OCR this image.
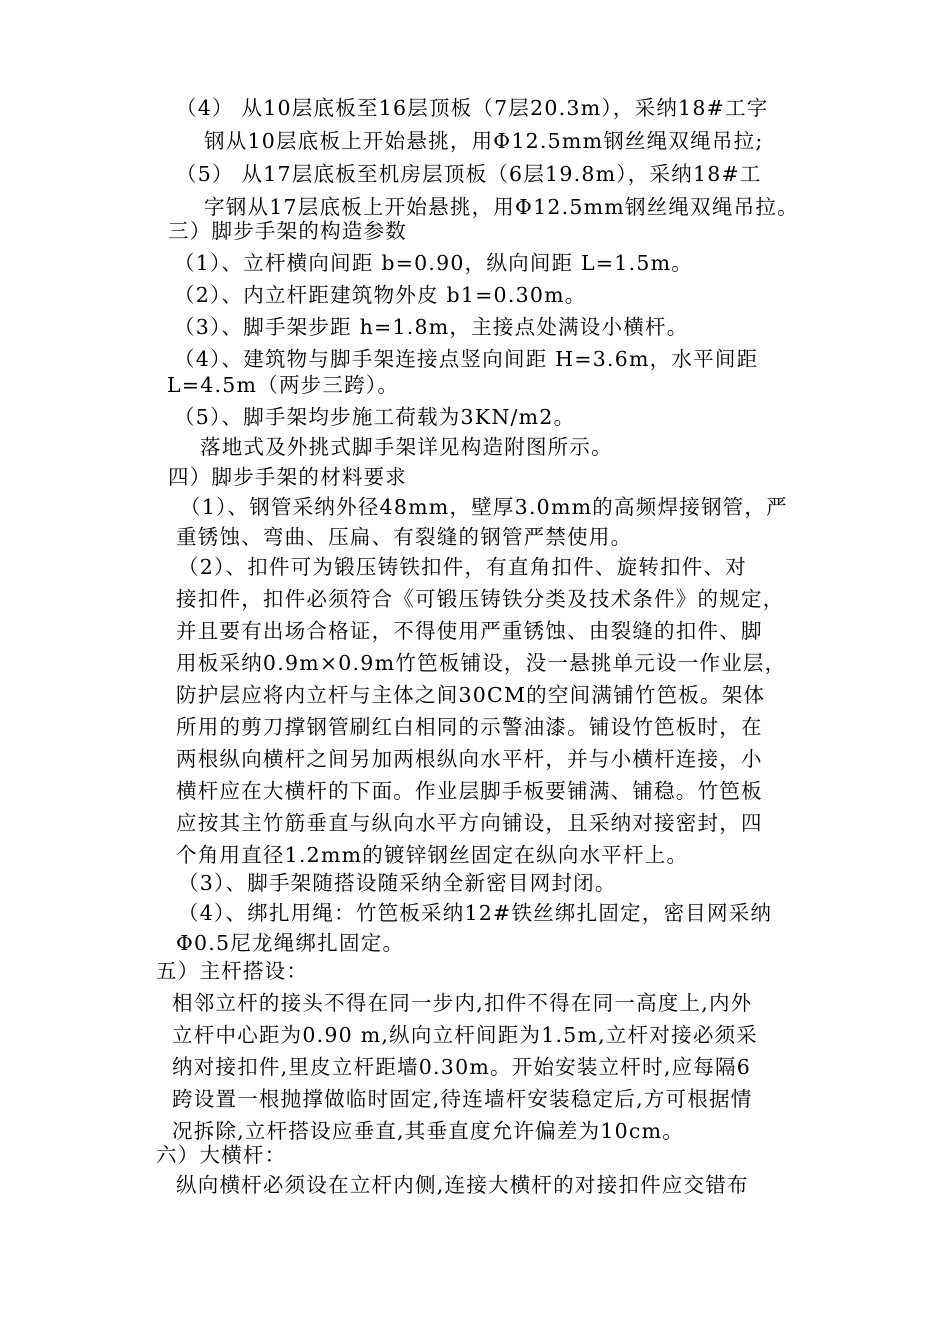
（4） 从10层底板至16层顶板（7层20.3m），采纳18#工字
钢从10层底板上开始悬挑，用Φ12.5mm钢丝绳双绳吊拉;
（5） 从17层底板至机房层顶板（6层19.8m），采纳18#工
字钢从17层底板上开始悬挑，用Φ12.5mm钢丝绳双绳吊拉。
三）脚步手架的构造参数
（1）、立杆横向间距 b=0.90，纵向间距 L=1.5m。
（2）、内立杆距建筑物外皮 b1=0.30m。
（3）、脚手架步距 h=1.8m，主接点处满设小横杆。
（4）、建筑物与脚手架连接点竖向间距 H=3.6m，水平间距
L=4.5m（两步三跨）。
（5）、脚手架均步施工荷载为3KN/m2。
落地式及外挑式脚手架详见构造附图所示。
四）脚步手架的材料要求
（1）、钢管采纳外径48mm，壁厚3.0mm的高频焊接钢管，严
重锈蚀、弯曲、压扁、有裂缝的钢管严禁使用。
（2）、扣件可为锻压铸铁扣件，有直角扣件、旋转扣件、对
接扣件，扣件必须符合《可锻压铸铁分类及技术条件》的规定，
并且要有出场合格证，不得使用严重锈蚀、由裂缝的扣件、脚
用板采纳0.9m×0.9m竹笆板铺设，没一悬挑单元设一作业层，
防护层应将内立杆与主体之间30CM的空间满铺竹笆板。架体
所用的剪刀撑钢管刷红白相同的示警油漆。铺设竹笆板时，在
两根纵向横杆之间另加两根纵向水平杆，并与小横杆连接，小
横杆应在大横杆的下面。作业层脚手板要铺满、铺稳。竹笆板
应按其主竹筋垂直与纵向水平方向铺设，且采纳对接密封，四
个角用直径1.2mm的镀锌钢丝固定在纵向水平杆上。
（3）、脚手架随搭设随采纳全新密目网封闭。
（4）、绑扎用绳：竹笆板采纳12#铁丝绑扎固定，密目网采纳
Φ0.5尼龙绳绑扎固定。
五）主杆搭设：
相邻立杆的接头不得在同一步内,扣件不得在同一高度上,内外
立杆中心距为0.90 m,纵向立杆间距为1.5m,立杆对接必须采
纳对接扣件,里皮立杆距墙0.30m。开始安装立杆时,应每隔6
跨设置一根抛撑做临时固定,待连墙杆安装稳定后,方可根据情
况拆除,立杆搭设应垂直,其垂直度允许偏差为10cm。
六）大横杆：
纵向横杆必须设在立杆内侧,连接大横杆的对接扣件应交错布
